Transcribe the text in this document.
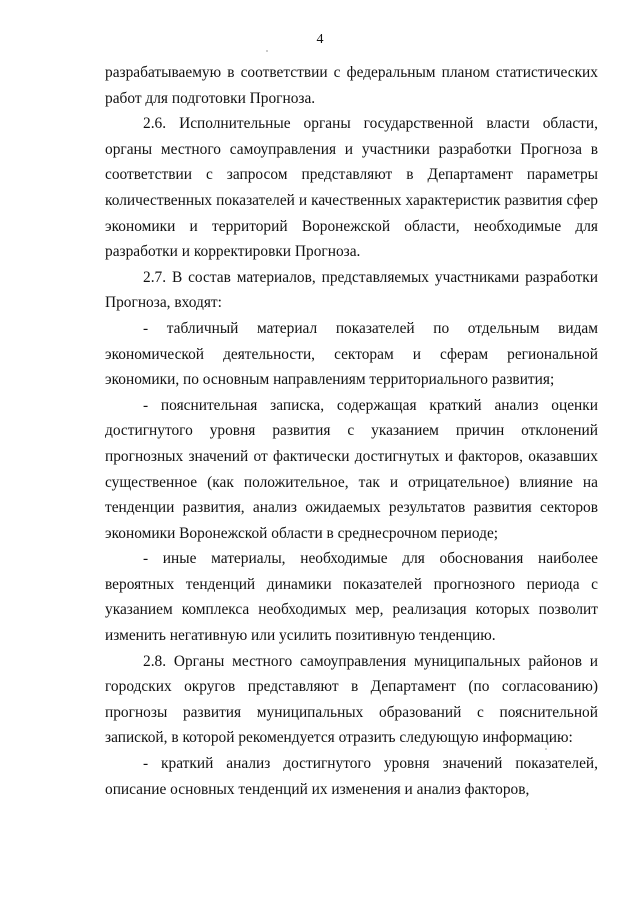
4

разрабатываемую в соответствии с федеральным планом статистических работ для подготовки Прогноза.

2.6. Исполнительные органы государственной власти области, органы местного самоуправления и участники разработки Прогноза в соответствии с запросом представляют в Департамент параметры количественных показателей и качественных характеристик развития сфер экономики и территорий Воронежской области, необходимые для разработки и корректировки Прогноза.

2.7. В состав материалов, представляемых участниками разработки Прогноза, входят:

- табличный материал показателей по отдельным видам экономической деятельности, секторам и сферам региональной экономики, по основным направлениям территориального развития;

- пояснительная записка, содержащая краткий анализ оценки достигнутого уровня развития с указанием причин отклонений прогнозных значений от фактически достигнутых и факторов, оказавших существенное (как положительное, так и отрицательное) влияние на тенденции развития, анализ ожидаемых результатов развития секторов экономики Воронежской области в среднесрочном периоде;

- иные материалы, необходимые для обоснования наиболее вероятных тенденций динамики показателей прогнозного периода с указанием комплекса необходимых мер, реализация которых позволит изменить негативную или усилить позитивную тенденцию.

2.8. Органы местного самоуправления муниципальных районов и городских округов представляют в Департамент (по согласованию) прогнозы развития муниципальных образований с пояснительной запиской, в которой рекомендуется отразить следующую информацию:

- краткий анализ достигнутого уровня значений показателей, описание основных тенденций их изменения и анализ факторов,
